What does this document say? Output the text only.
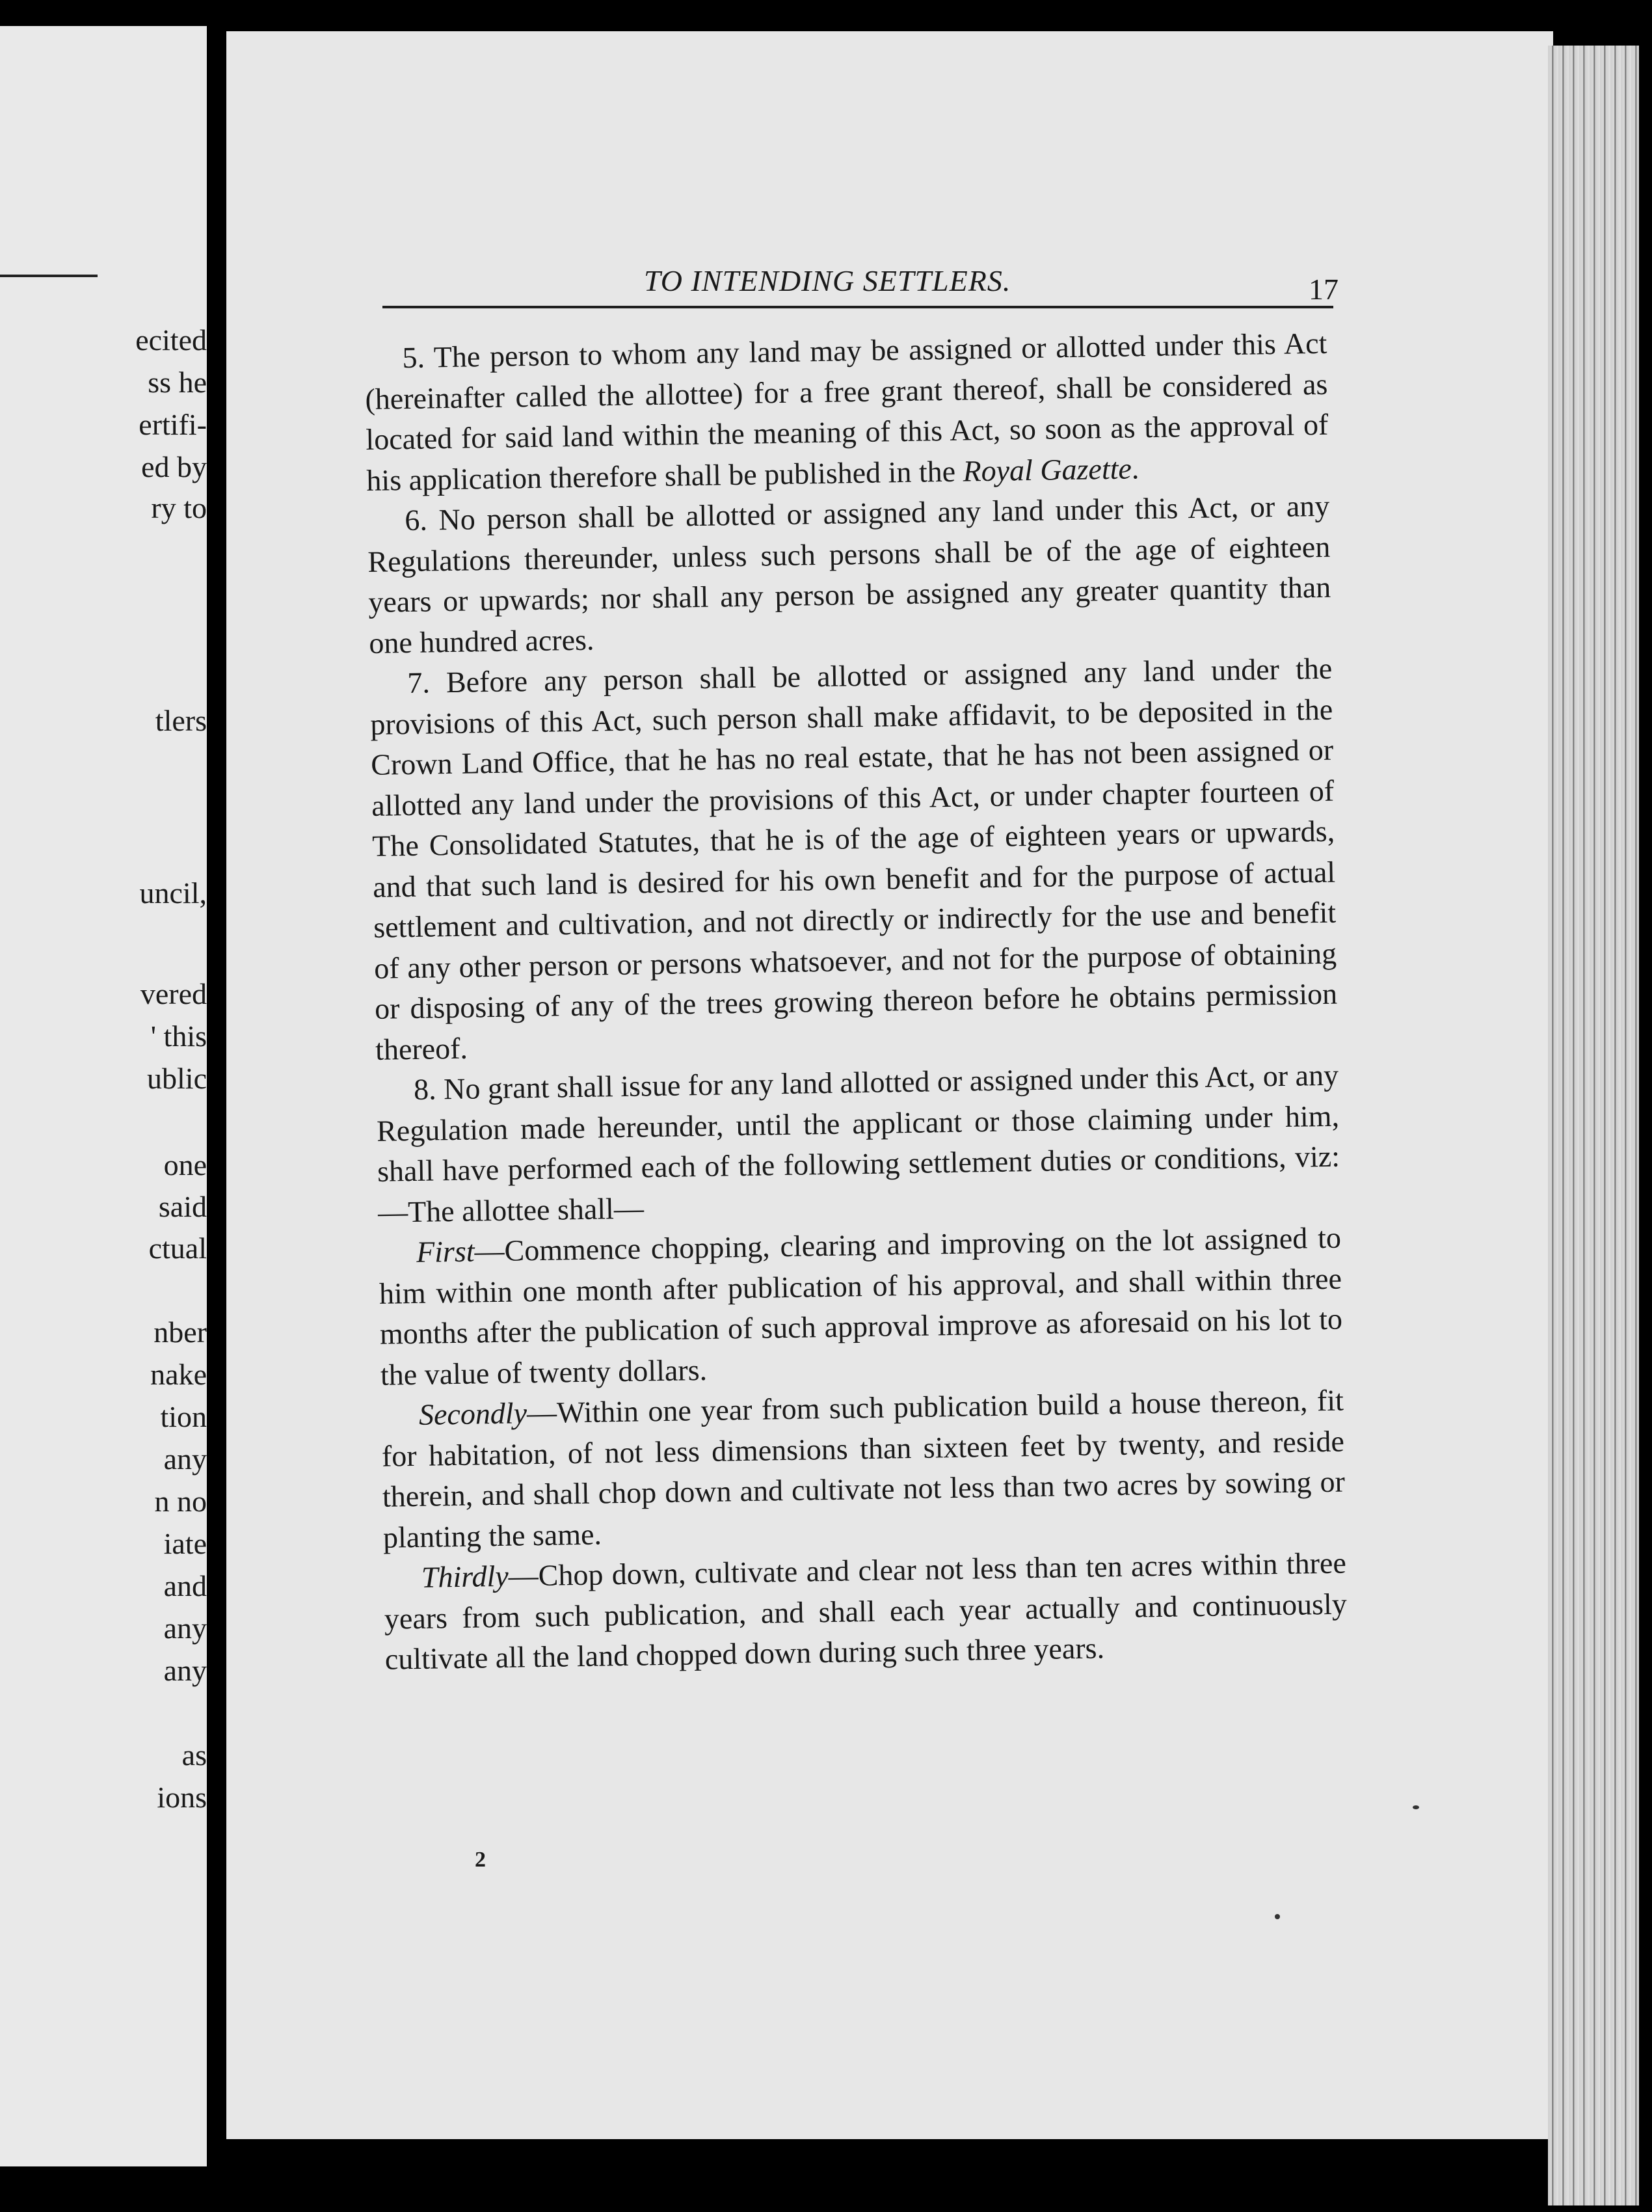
ecited
ss he
ertifi-
ed by
ry to
tlers
uncil,
vered
' this
ublic
one
said
ctual
nber
nake
tion
any
n no
iate
and
any
any
as
ions
TO INTENDING SETTLERS.	17

5. The person to whom any land may be assigned or allotted under this Act (hereinafter called the allottee) for a free grant thereof, shall be considered as located for said land within the meaning of this Act, so soon as the approval of his application therefore shall be published in the Royal Gazette.

6. No person shall be allotted or assigned any land under this Act, or any Regulations thereunder, unless such persons shall be of the age of eighteen years or upwards; nor shall any person be assigned any greater quantity than one hundred acres.

7. Before any person shall be allotted or assigned any land under the provisions of this Act, such person shall make affidavit, to be deposited in the Crown Land Office, that he has no real estate, that he has not been assigned or allotted any land under the provisions of this Act, or under chapter fourteen of The Consolidated Statutes, that he is of the age of eighteen years or upwards, and that such land is desired for his own benefit and for the purpose of actual settlement and cultivation, and not directly or indirectly for the use and benefit of any other person or persons whatsoever, and not for the purpose of obtaining or disposing of any of the trees growing thereon before he obtains permission thereof.

8. No grant shall issue for any land allotted or assigned under this Act, or any Regulation made hereunder, until the applicant or those claiming under him, shall have performed each of the following settlement duties or conditions, viz:—The allottee shall—

First—Commence chopping, clearing and improving on the lot assigned to him within one month after publication of his approval, and shall within three months after the publication of such approval improve as aforesaid on his lot to the value of twenty dollars.

Secondly—Within one year from such publication build a house thereon, fit for habitation, of not less dimensions than sixteen feet by twenty, and reside therein, and shall chop down and cultivate not less than two acres by sowing or planting the same.

Thirdly—Chop down, cultivate and clear not less than ten acres within three years from such publication, and shall each year actually and continuously cultivate all the land chopped down during such three years.

2
